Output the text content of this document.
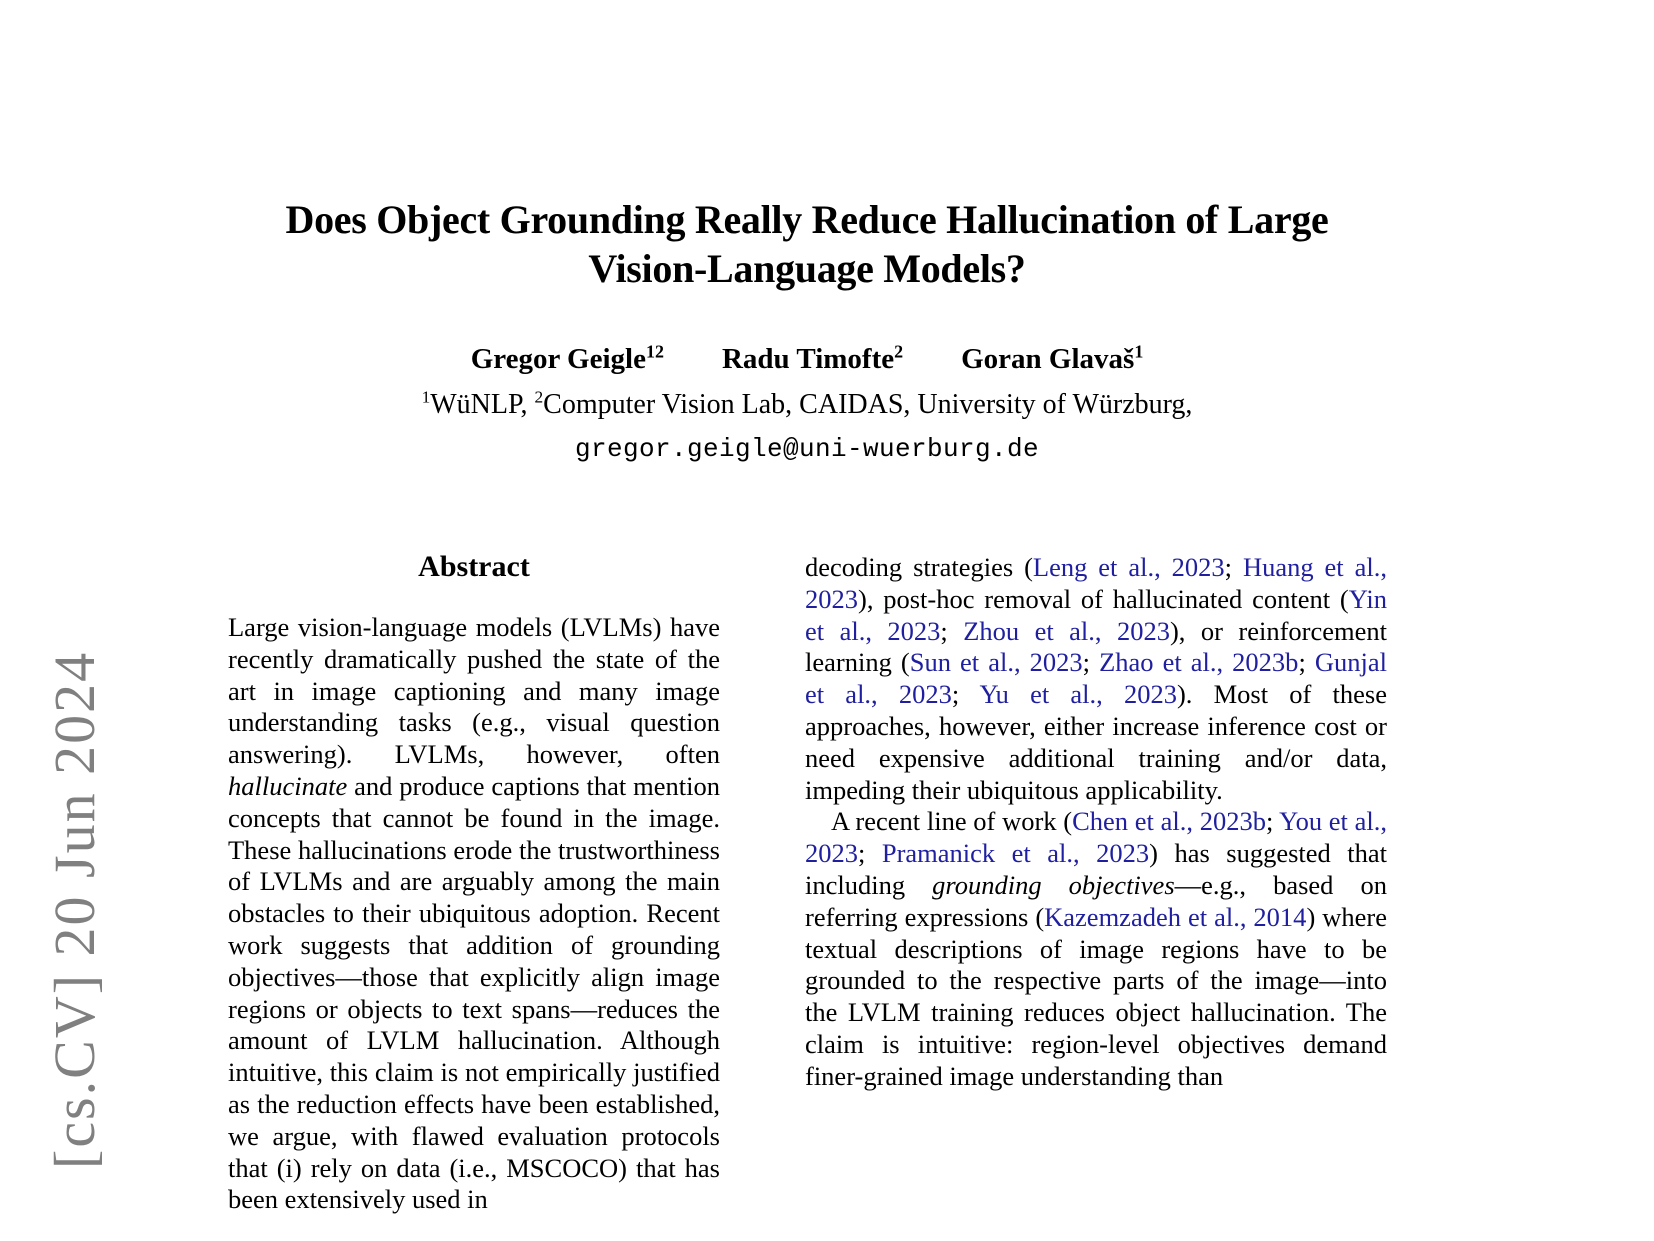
[cs.CV] 20 Jun 2024
Does Object Grounding Really Reduce Hallucination of Large
Vision-Language Models?
Gregor Geigle$^{12}$ Radu Timofte$^2$ Goran Glavaš$^1$
$^1$WüNLP, $^2$Computer Vision Lab, CAIDAS, University of Würzburg,
gregor.geigle@uni-wuerburg.de
Abstract

Large vision-language models (LVLMs) have recently dramatically pushed the state of the art in image captioning and many image understanding tasks (e.g., visual question answering). LVLMs, however, often hallucinate and produce captions that mention concepts that cannot be found in the image. These hallucinations erode the trustworthiness of LVLMs and are arguably among the main obstacles to their ubiquitous adoption. Recent work suggests that addition of grounding objectives—those that explicitly align image regions or objects to text spans—reduces the amount of LVLM hallucination. Although intuitive, this claim is not empirically justified as the reduction effects have been established, we argue, with flawed evaluation protocols that (i) rely on data (i.e., MSCOCO) that has been extensively used in

decoding strategies (Leng et al., 2023; Huang et al., 2023), post-hoc removal of hallucinated content (Yin et al., 2023; Zhou et al., 2023), or reinforcement learning (Sun et al., 2023; Zhao et al., 2023b; Gunjal et al., 2023; Yu et al., 2023). Most of these approaches, however, either increase inference cost or need expensive additional training and/or data, impeding their ubiquitous applicability.

A recent line of work (Chen et al., 2023b; You et al., 2023; Pramanick et al., 2023) has suggested that including grounding objectives—e.g., based on referring expressions (Kazemzadeh et al., 2014) where textual descriptions of image regions have to be grounded to the respective parts of the image—into the LVLM training reduces object hallucination. The claim is intuitive: region-level objectives demand finer-grained image understanding than
